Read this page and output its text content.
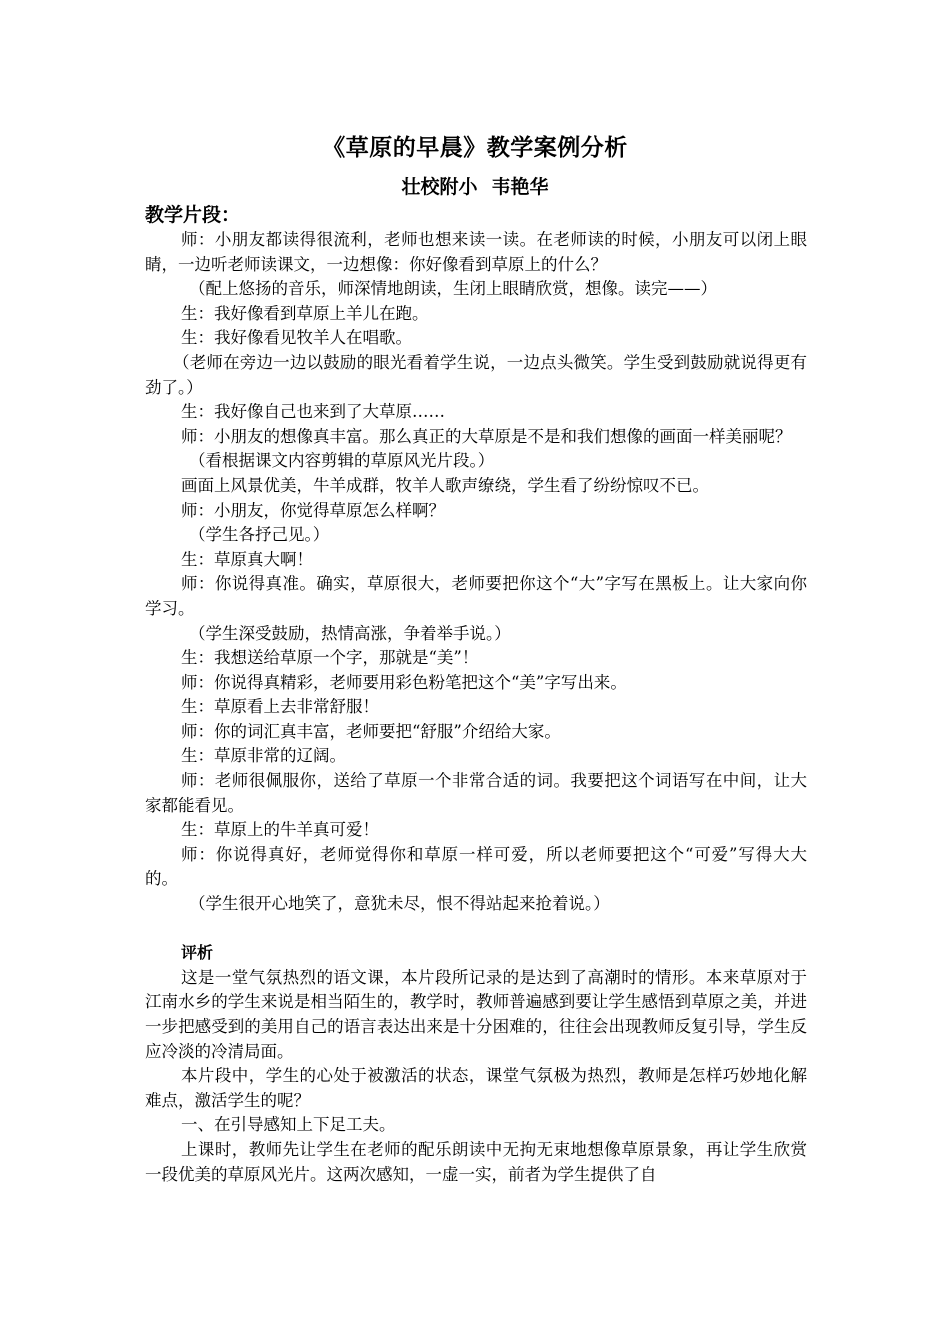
《草原的早晨》教学案例分析
壮校附小 韦艳华
教学片段：

师：小朋友都读得很流利，老师也想来读一读。在老师读的时候，小朋友可以闭上眼睛，一边听老师读课文，一边想像：你好像看到草原上的什么？

（配上悠扬的音乐，师深情地朗读，生闭上眼睛欣赏，想像。读完——）

生：我好像看到草原上羊儿在跑。

生：我好像看见牧羊人在唱歌。

（老师在旁边一边以鼓励的眼光看着学生说，一边点头微笑。学生受到鼓励就说得更有劲了。）

生：我好像自己也来到了大草原……

师：小朋友的想像真丰富。那么真正的大草原是不是和我们想像的画面一样美丽呢？

（看根据课文内容剪辑的草原风光片段。）

画面上风景优美，牛羊成群，牧羊人歌声缭绕，学生看了纷纷惊叹不已。

师：小朋友，你觉得草原怎么样啊？

（学生各抒己见。）

生：草原真大啊！

师：你说得真准。确实，草原很大，老师要把你这个“大”字写在黑板上。让大家向你学习。

（学生深受鼓励，热情高涨，争着举手说。）

生：我想送给草原一个字，那就是“美”！

师：你说得真精彩，老师要用彩色粉笔把这个“美”字写出来。

生：草原看上去非常舒服！

师：你的词汇真丰富，老师要把“舒服”介绍给大家。

生：草原非常的辽阔。

师：老师很佩服你，送给了草原一个非常合适的词。我要把这个词语写在中间，让大家都能看见。

生：草原上的牛羊真可爱！

师：你说得真好，老师觉得你和草原一样可爱，所以老师要把这个“可爱”写得大大的。

（学生很开心地笑了，意犹未尽，恨不得站起来抢着说。）

评析

这是一堂气氛热烈的语文课，本片段所记录的是达到了高潮时的情形。本来草原对于江南水乡的学生来说是相当陌生的，教学时，教师普遍感到要让学生感悟到草原之美，并进一步把感受到的美用自己的语言表达出来是十分困难的，往往会出现教师反复引导，学生反应冷淡的冷清局面。

本片段中，学生的心处于被激活的状态，课堂气氛极为热烈，教师是怎样巧妙地化解难点，激活学生的呢？

一、在引导感知上下足工夫。

上课时，教师先让学生在老师的配乐朗读中无拘无束地想像草原景象，再让学生欣赏一段优美的草原风光片。这两次感知，一虚一实，前者为学生提供了自
